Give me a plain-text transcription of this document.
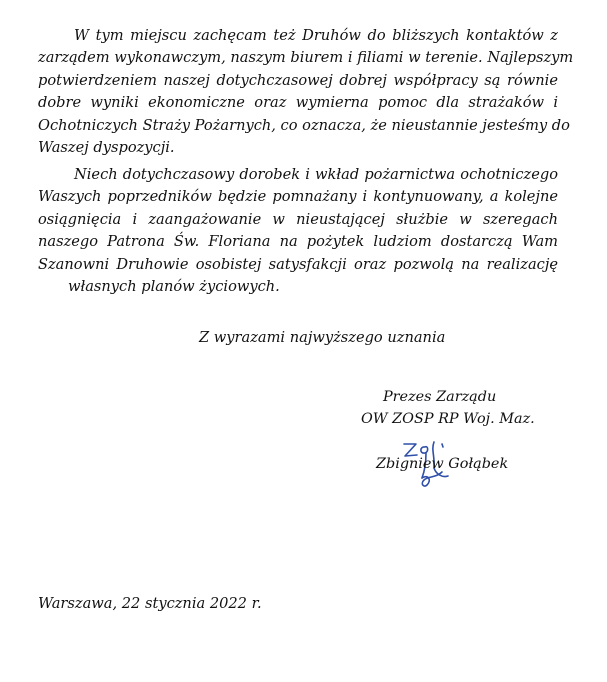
W tym miejscu zachęcam też Druhów do bliższych kontaktów z
zarządem wykonawczym, naszym biurem i filiami w terenie. Najlepszym
potwierdzeniem naszej dotychczasowej dobrej współpracy są równie
dobre wyniki ekonomiczne oraz wymierna pomoc dla strażaków i
Ochotniczych Straży Pożarnych, co oznacza, że nieustannie jesteśmy do
Waszej dyspozycji.
Niech dotychczasowy dorobek i wkład pożarnictwa ochotniczego
Waszych poprzedników będzie pomnażany i kontynuowany, a kolejne
osiągnięcia i zaangażowanie w nieustającej służbie w szeregach
naszego Patrona Św. Floriana na pożytek ludziom dostarczą Wam
Szanowni Druhowie osobistej satysfakcji oraz pozwolą na realizację
własnych planów życiowych.
Z wyrazami najwyższego uznania
Prezes Zarządu
OW ZOSP RP Woj. Maz.
Zbigniew Gołąbek
Warszawa, 22 stycznia 2022 r.
